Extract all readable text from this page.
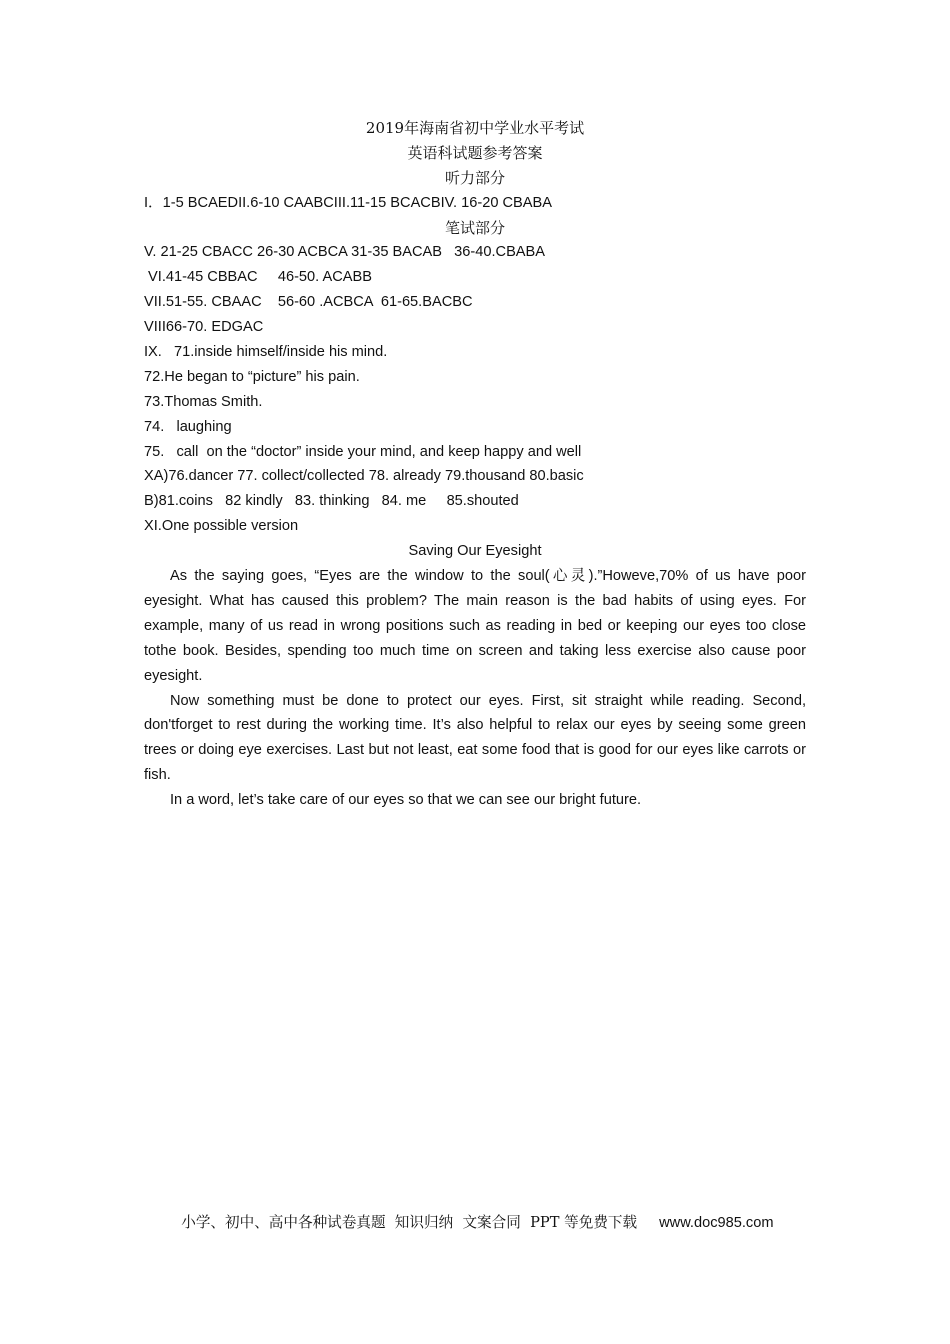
2019年海南省初中学业水平考试
英语科试题参考答案
听力部分
I．1-5 BCAEDII.6-10 CAABCIII.11-15 BCACBIV. 16-20 CBABA
笔试部分
V. 21-25 CBACC 26-30 ACBCA 31-35 BACAB   36-40.CBABA
VI.41-45 CBBAC     46-50. ACABB
VII.51-55. CBAAC    56-60 .ACBCA  61-65.BACBC
VIII66-70. EDGAC
IX.   71.inside himself/inside his mind.
72.He began to “picture” his pain.
73.Thomas Smith.
74.   laughing
75.   call  on the “doctor” inside your mind, and keep happy and well
XA)76.dancer 77. collect/collected 78. already 79.thousand 80.basic
B)81.coins   82 kindly   83. thinking   84. me     85.shouted
XI.One possible version
Saving Our Eyesight

As the saying goes, “Eyes are the window to the soul(心灵).”Howeve,70% of us have poor eyesight. What has caused this problem? The main reason is the bad habits of using eyes. For example, many of us read in wrong positions such as reading in bed or keeping our eyes too close tothe book. Besides, spending too much time on screen and taking less exercise also cause poor eyesight.

Now something must be done to protect our eyes. First, sit straight while reading. Second, don'tforget to rest during the working time. It’s also helpful to relax our eyes by seeing some green trees or doing eye exercises. Last but not least, eat some food that is good for our eyes like carrots or fish.

In a word, let’s take care of our eyes so that we can see our bright future.

小学、初中、高中各种试卷真题  知识归纳  文案合同  PPT 等免费下载 www.doc985.com
